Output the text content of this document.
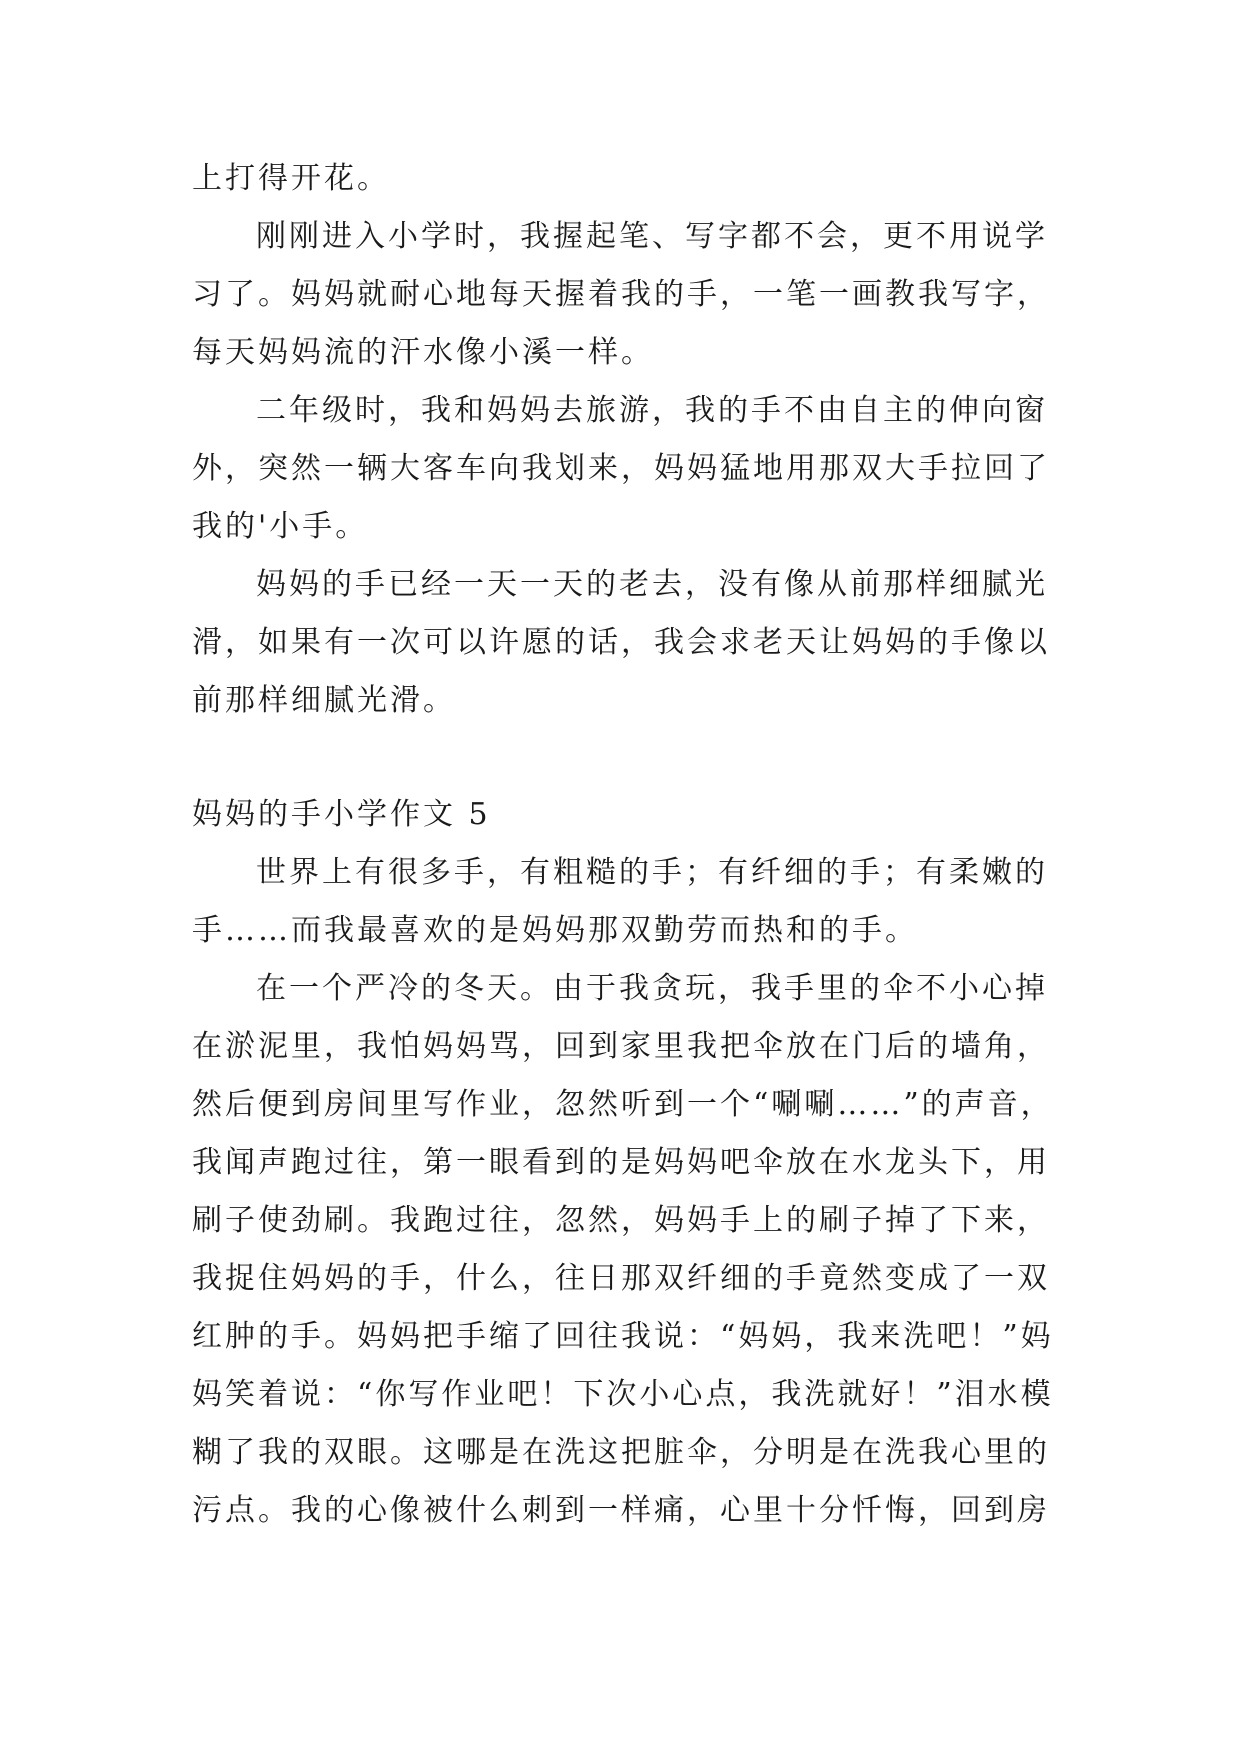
上打得开花。
刚刚进入小学时，我握起笔、写字都不会，更不用说学
习了。妈妈就耐心地每天握着我的手，一笔一画教我写字，
每天妈妈流的汗水像小溪一样。
二年级时，我和妈妈去旅游，我的手不由自主的伸向窗
外，突然一辆大客车向我划来，妈妈猛地用那双大手拉回了
我的'小手。
妈妈的手已经一天一天的老去，没有像从前那样细腻光
滑，如果有一次可以许愿的话，我会求老天让妈妈的手像以
前那样细腻光滑。
妈妈的手小学作文 5
世界上有很多手，有粗糙的手；有纤细的手；有柔嫩的
手……而我最喜欢的是妈妈那双勤劳而热和的手。
在一个严冷的冬天。由于我贪玩，我手里的伞不小心掉
在淤泥里，我怕妈妈骂，回到家里我把伞放在门后的墙角，
然后便到房间里写作业，忽然听到一个“唰唰……”的声音，
我闻声跑过往，第一眼看到的是妈妈吧伞放在水龙头下，用
刷子使劲刷。我跑过往，忽然，妈妈手上的刷子掉了下来，
我捉住妈妈的手，什么，往日那双纤细的手竟然变成了一双
红肿的手。妈妈把手缩了回往我说：“妈妈，我来洗吧！”妈
妈笑着说：“你写作业吧！下次小心点，我洗就好！”泪水模
糊了我的双眼。这哪是在洗这把脏伞，分明是在洗我心里的
污点。我的心像被什么刺到一样痛，心里十分忏悔，回到房
